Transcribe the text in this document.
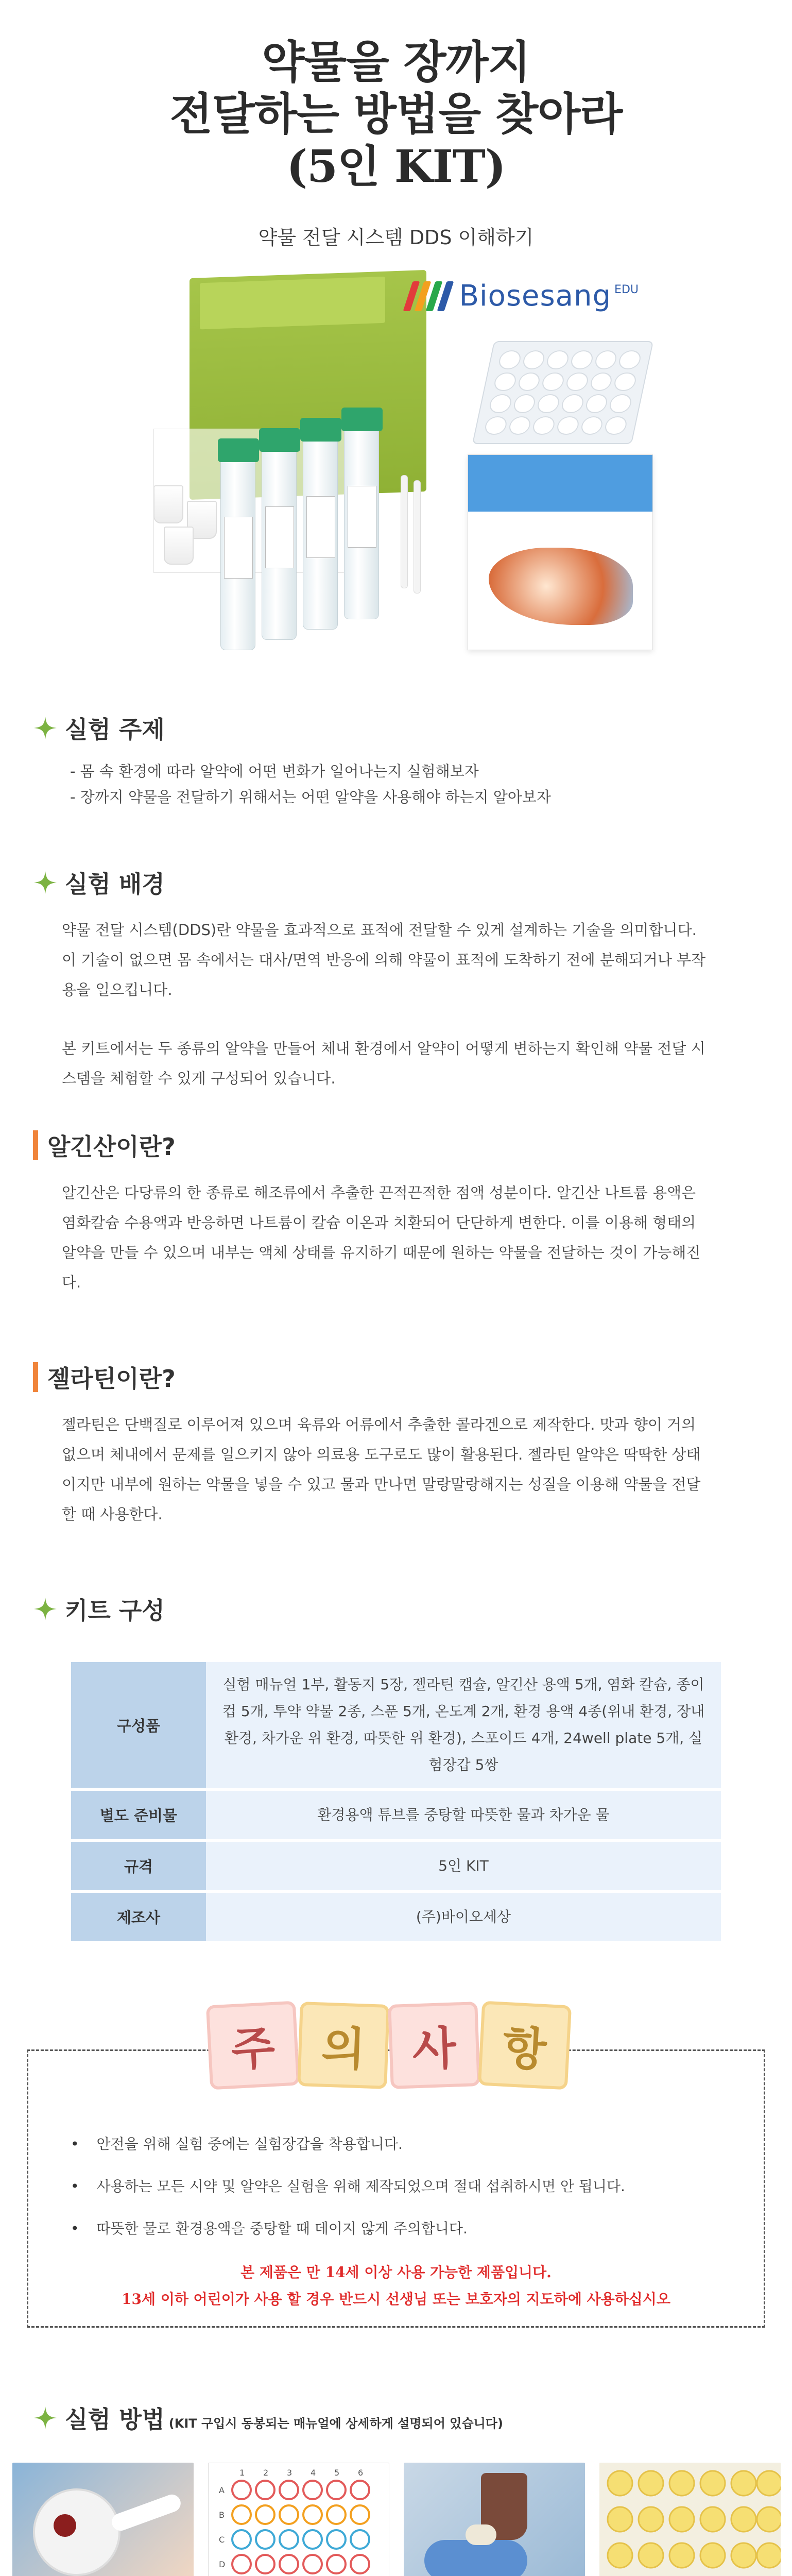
약물을 장까지
전달하는 방법을 찾아라
(5인 KIT)
약물 전달 시스템 DDS 이해하기
Biosesang EDU
실험 주제
- 몸 속 환경에 따라 알약에 어떤 변화가 일어나는지 실험해보자
- 장까지 약물을 전달하기 위해서는 어떤 알약을 사용해야 하는지 알아보자
실험 배경

약물 전달 시스템(DDS)란 약물을 효과적으로 표적에 전달할 수 있게 설계하는 기술을 의미합니다. 이 기술이 없으면 몸 속에서는 대사/면역 반응에 의해 약물이 표적에 도착하기 전에 분해되거나 부작용을 일으킵니다.

본 키트에서는 두 종류의 알약을 만들어 체내 환경에서 알약이 어떻게 변하는지 확인해 약물 전달 시스템을 체험할 수 있게 구성되어 있습니다.

알긴산이란?

알긴산은 다당류의 한 종류로 해조류에서 추출한 끈적끈적한 점액 성분이다. 알긴산 나트륨 용액은 염화칼슘 수용액과 반응하면 나트륨이 칼슘 이온과 치환되어 단단하게 변한다. 이를 이용해 형태의 알약을 만들 수 있으며 내부는 액체 상태를 유지하기 때문에 원하는 약물을 전달하는 것이 가능해진다.

젤라틴이란?

젤라틴은 단백질로 이루어져 있으며 육류와 어류에서 추출한 콜라겐으로 제작한다. 맛과 향이 거의 없으며 체내에서 문제를 일으키지 않아 의료용 도구로도 많이 활용된다. 젤라틴 알약은 딱딱한 상태이지만 내부에 원하는 약물을 넣을 수 있고 물과 만나면 말랑말랑해지는 성질을 이용해 약물을 전달할 때 사용한다.

키트 구성
구성품	실험 매뉴얼 1부, 활동지 5장, 젤라틴 캡슐, 알긴산 용액 5개, 염화 칼슘, 종이컵 5개, 투약 약물 2종, 스푼 5개, 온도계 2개, 환경 용액 4종(위내 환경, 장내 환경, 차가운 위 환경, 따뜻한 위 환경), 스포이드 4개, 24well plate 5개, 실험장갑 5쌍
별도 준비물	환경용액 튜브를 중탕할 따뜻한 물과 차가운 물
규격	5인 KIT
제조사	(주)바이오세상
• 안전을 위해 실험 중에는 실험장갑을 착용합니다.
• 사용하는 모든 시약 및 알약은 실험을 위해 제작되었으며 절대 섭취하시면 안 됩니다.
• 따뜻한 물로 환경용액을 중탕할 때 데이지 않게 주의합니다.
본 제품은 만 14세 이상 사용 가능한 제품입니다.
13세 이하 어린이가 사용 할 경우 반드시 선생님 또는 보호자의 지도하에 사용하십시오
주 의 사 항
실험 방법 (KIT 구입시 동봉되는 매뉴얼에 상세하게 설명되어 있습니다)
1 2 3 4 5 6
A
B
C
D
